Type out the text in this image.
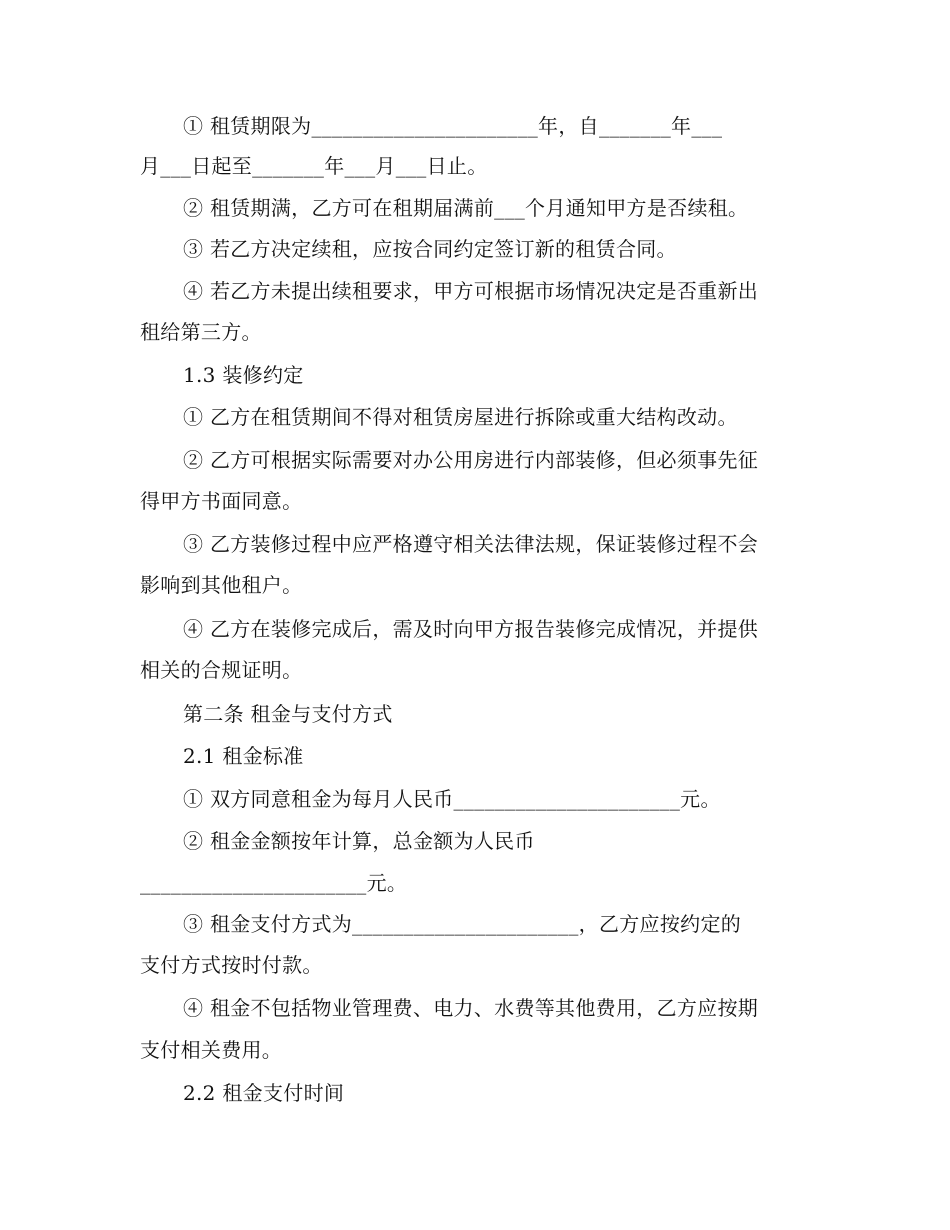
① 租赁期限为______________________年，自_______年___
月___日起至_______年___月___日止。
② 租赁期满，乙方可在租期届满前___个月通知甲方是否续租。
③ 若乙方决定续租，应按合同约定签订新的租赁合同。
④ 若乙方未提出续租要求，甲方可根据市场情况决定是否重新出
租给第三方。
1.3 装修约定
① 乙方在租赁期间不得对租赁房屋进行拆除或重大结构改动。
② 乙方可根据实际需要对办公用房进行内部装修，但必须事先征
得甲方书面同意。
③ 乙方装修过程中应严格遵守相关法律法规，保证装修过程不会
影响到其他租户。
④ 乙方在装修完成后，需及时向甲方报告装修完成情况，并提供
相关的合规证明。
第二条 租金与支付方式
2.1 租金标准
① 双方同意租金为每月人民币______________________元。
② 租金金额按年计算，总金额为人民币
______________________元。
③ 租金支付方式为______________________，乙方应按约定的
支付方式按时付款。
④ 租金不包括物业管理费、电力、水费等其他费用，乙方应按期
支付相关费用。
2.2 租金支付时间
